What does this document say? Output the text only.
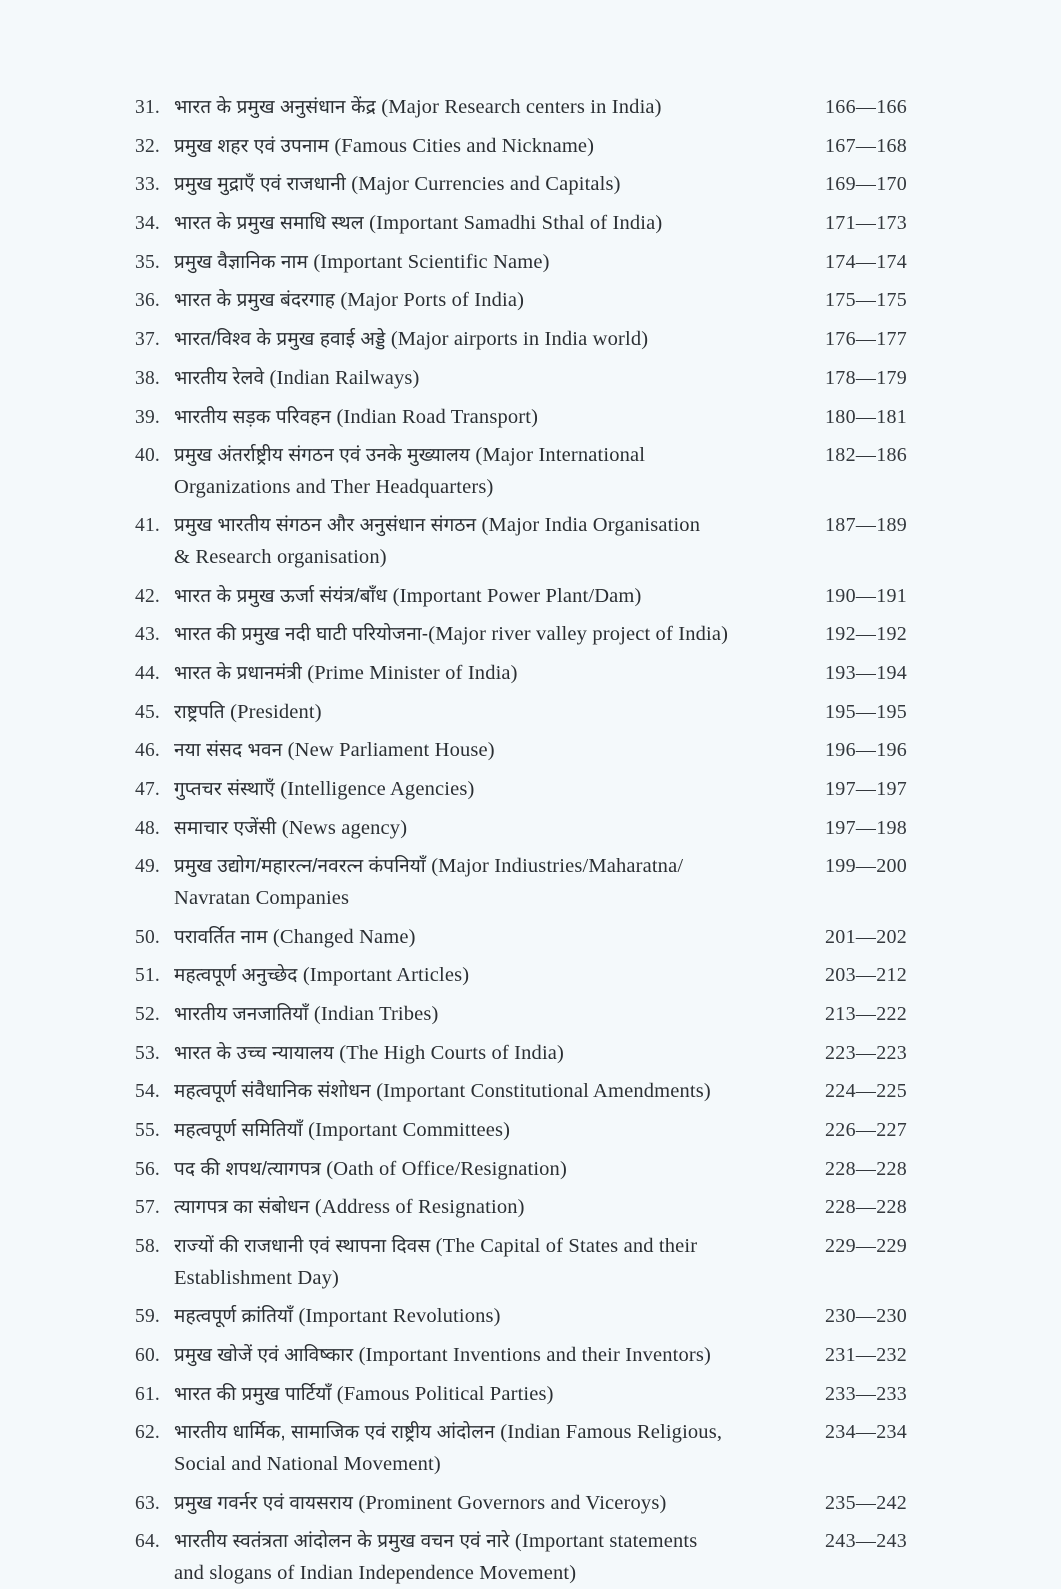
31. भारत के प्रमुख अनुसंधान केंद्र (Major Research centers in India)	166—166
32. प्रमुख शहर एवं उपनाम (Famous Cities and Nickname)	167—168
33. प्रमुख मुद्राएँ एवं राजधानी (Major Currencies and Capitals)	169—170
34. भारत के प्रमुख समाधि स्थल (Important Samadhi Sthal of India)	171—173
35. प्रमुख वैज्ञानिक नाम (Important Scientific Name)	174—174
36. भारत के प्रमुख बंदरगाह (Major Ports of India)	175—175
37. भारत/विश्व के प्रमुख हवाई अड्डे (Major airports in India world)	176—177
38. भारतीय रेलवे (Indian Railways)	178—179
39. भारतीय सड़क परिवहन (Indian Road Transport)	180—181
40. प्रमुख अंतर्राष्ट्रीय संगठन एवं उनके मुख्यालय (Major International
Organizations and Ther Headquarters)
182—186
41. प्रमुख भारतीय संगठन और अनुसंधान संगठन (Major India Organisation
& Research organisation)
187—189
42. भारत के प्रमुख ऊर्जा संयंत्र/बाँध (Important Power Plant/Dam)	190—191
43. भारत की प्रमुख नदी घाटी परियोजना-(Major river valley project of India)	192—192
44. भारत के प्रधानमंत्री (Prime Minister of India)	193—194
45. राष्ट्रपति (President)	195—195
46. नया संसद भवन (New Parliament House)	196—196
47. गुप्तचर संस्थाएँ (Intelligence Agencies)	197—197
48. समाचार एजेंसी (News agency)	197—198
49. प्रमुख उद्योग/महारत्न/नवरत्न कंपनियाँ (Major Indiustries/Maharatna/
Navratan Companies
199—200
50. परावर्तित नाम (Changed Name)	201—202
51. महत्वपूर्ण अनुच्छेद (Important Articles)	203—212
52. भारतीय जनजातियाँ (Indian Tribes)	213—222
53. भारत के उच्च न्यायालय (The High Courts of India)	223—223
54. महत्वपूर्ण संवैधानिक संशोधन (Important Constitutional Amendments)	224—225
55. महत्वपूर्ण समितियाँ (Important Committees)	226—227
56. पद की शपथ/त्यागपत्र (Oath of Office/Resignation)	228—228
57. त्यागपत्र का संबोधन (Address of Resignation)	228—228
58. राज्यों की राजधानी एवं स्थापना दिवस (The Capital of States and their
Establishment Day)
229—229
59. महत्वपूर्ण क्रांतियाँ (Important Revolutions)	230—230
60. प्रमुख खोजें एवं आविष्कार (Important Inventions and their Inventors)	231—232
61. भारत की प्रमुख पार्टियाँ (Famous Political Parties)	233—233
62. भारतीय धार्मिक, सामाजिक एवं राष्ट्रीय आंदोलन (Indian Famous Religious,
Social and National Movement)
234—234
63. प्रमुख गवर्नर एवं वायसराय (Prominent Governors and Viceroys)	235—242
64. भारतीय स्वतंत्रता आंदोलन के प्रमुख वचन एवं नारे (Important statements
and slogans of Indian Independence Movement)
243—243
